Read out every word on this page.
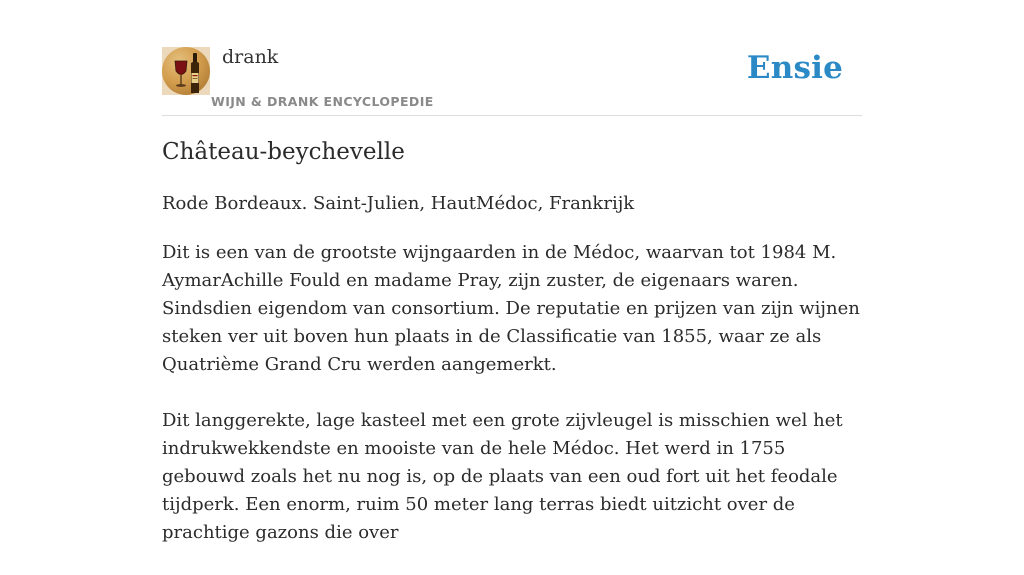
drank
WIJN & DRANK ENCYCLOPEDIE
Ensie
Château-beychevelle

Rode Bordeaux. Saint-Julien, HautMédoc, Frankrijk

Dit is een van de grootste wijngaarden in de Médoc, waarvan tot 1984 M. AymarAchille Fould en madame Pray, zijn zuster, de eigenaars waren. Sindsdien eigendom van consortium. De reputatie en prijzen van zijn wijnen steken ver uit boven hun plaats in de Classificatie van 1855, waar ze als Quatrième Grand Cru werden aangemerkt.

Dit langgerekte, lage kasteel met een grote zijvleugel is misschien wel het indrukwekkendste en mooiste van de hele Médoc. Het werd in 1755 gebouwd zoals het nu nog is, op de plaats van een oud fort uit het feodale tijdperk. Een enorm, ruim 50 meter lang terras biedt uitzicht over de prachtige gazons die over
